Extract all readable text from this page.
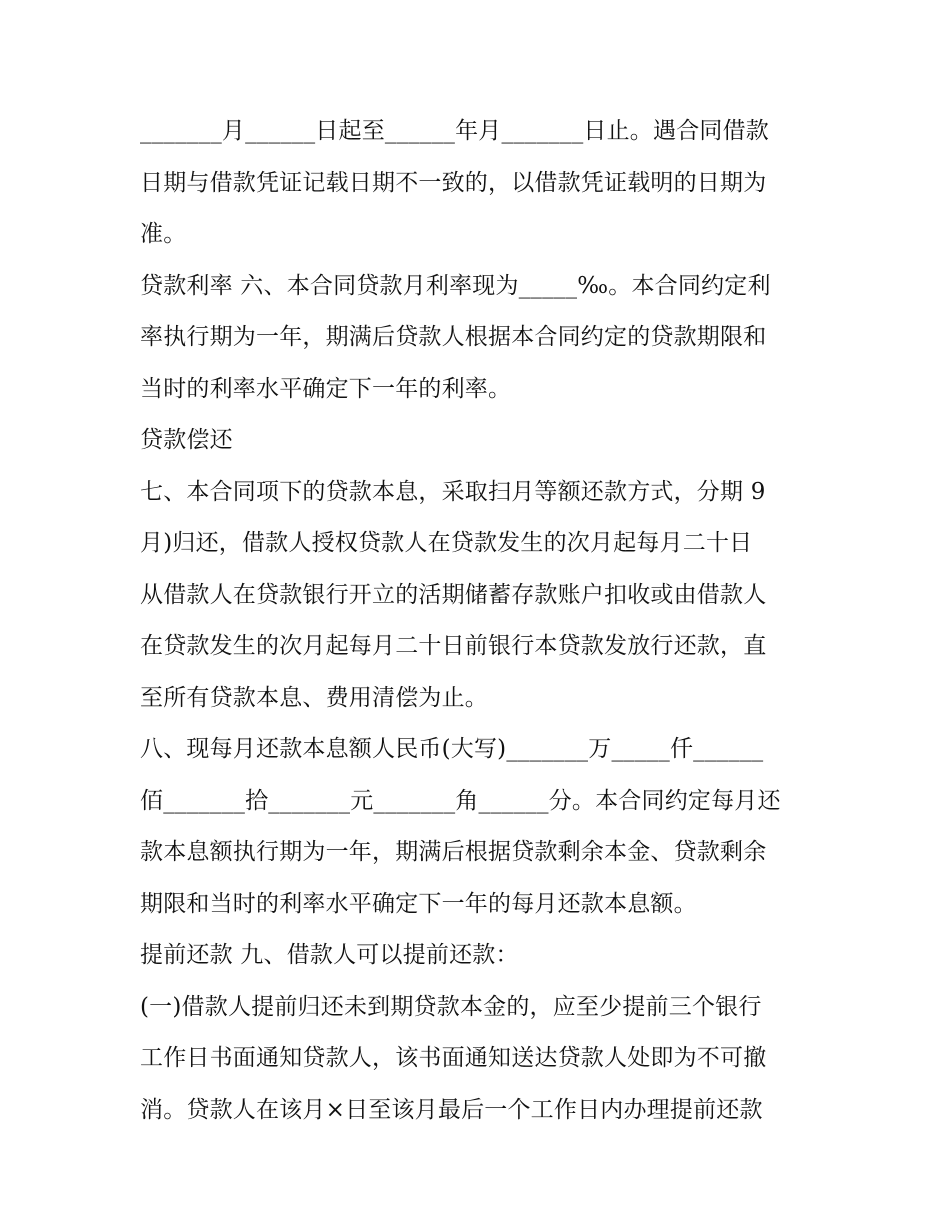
_______月______日起至______年月_______日止。遇合同借款
日期与借款凭证记载日期不一致的，以借款凭证载明的日期为
准。
贷款利率 六、本合同贷款月利率现为_____‰。本合同约定利
率执行期为一年，期满后贷款人根据本合同约定的贷款期限和
当时的利率水平确定下一年的利率。
贷款偿还
七、本合同项下的贷款本息，采取扫月等额还款方式，分期 9
月)归还，借款人授权贷款人在贷款发生的次月起每月二十日
从借款人在贷款银行开立的活期储蓄存款账户扣收或由借款人
在贷款发生的次月起每月二十日前银行本贷款发放行还款，直
至所有贷款本息、费用清偿为止。
八、现每月还款本息额人民币(大写)_______万_____仟______
佰_______拾_______元_______角______分。本合同约定每月还
款本息额执行期为一年，期满后根据贷款剩余本金、贷款剩余
期限和当时的利率水平确定下一年的每月还款本息额。
提前还款 九、借款人可以提前还款：
(一)借款人提前归还未到期贷款本金的，应至少提前三个银行
工作日书面通知贷款人，该书面通知送达贷款人处即为不可撤
消。贷款人在该月×日至该月最后一个工作日内办理提前还款
